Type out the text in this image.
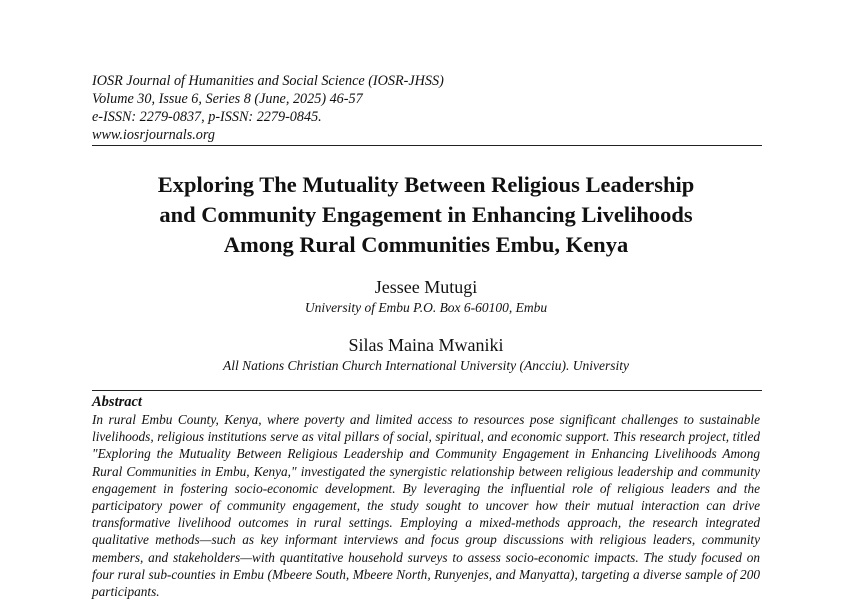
IOSR Journal of Humanities and Social Science (IOSR-JHSS)
Volume 30, Issue 6, Series 8 (June, 2025) 46-57
e-ISSN: 2279-0837, p-ISSN: 2279-0845.
www.iosrjournals.org
Exploring The Mutuality Between Religious Leadership
and Community Engagement in Enhancing Livelihoods
Among Rural Communities Embu, Kenya
Jessee Mutugi
University of Embu P.O. Box 6-60100, Embu
Silas Maina Mwaniki
All Nations Christian Church International University (Ancciu). University
Abstract
In rural Embu County, Kenya, where poverty and limited access to resources pose significant challenges to sustainable livelihoods, religious institutions serve as vital pillars of social, spiritual, and economic support. This research project, titled "Exploring the Mutuality Between Religious Leadership and Community Engagement in Enhancing Livelihoods Among Rural Communities in Embu, Kenya," investigated the synergistic relationship between religious leadership and community engagement in fostering socio-economic development. By leveraging the influential role of religious leaders and the participatory power of community engagement, the study sought to uncover how their mutual interaction can drive transformative livelihood outcomes in rural settings. Employing a mixed-methods approach, the research integrated qualitative methods—such as key informant interviews and focus group discussions with religious leaders, community members, and stakeholders—with quantitative household surveys to assess socio-economic impacts. The study focused on four rural sub-counties in Embu (Mbeere South, Mbeere North, Runyenjes, and Manyatta), targeting a diverse sample of 200 participants.
